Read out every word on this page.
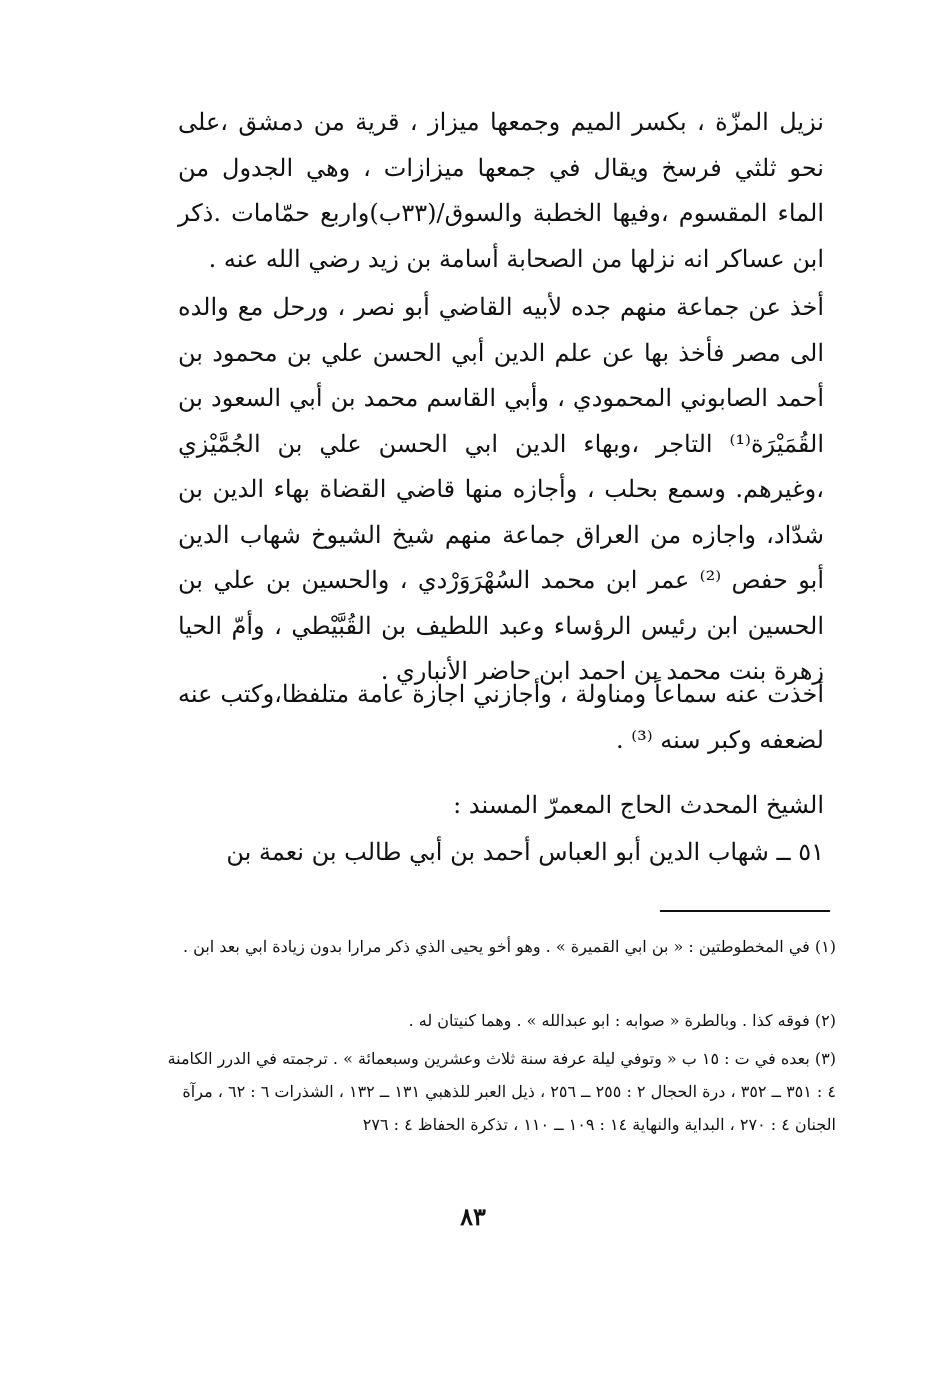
نزيل المزّة ، بكسر الميم وجمعها ميزاز ، قرية من دمشق ،على نحو ثلثي فرسخ ويقال في جمعها ميزازات ، وهي الجدول من الماء المقسوم ،وفيها الخطبة والسوق/(٣٣ب)واربع حمّامات .ذكر ابن عساكر انه نزلها من الصحابة أسامة بن زيد رضي الله عنه .

أخذ عن جماعة منهم جده لأبيه القاضي أبو نصر ، ورحل مع والده الى مصر فأخذ بها عن علم الدين أبي الحسن علي بن محمود بن أحمد الصابوني المحمودي ، وأبي القاسم محمد بن أبي السعود بن القُمَيْرَة⁽¹⁾ التاجر ،وبهاء الدين ابي الحسن علي بن الجُمَّيْزي ،وغيرهم. وسمع بحلب ، وأجازه منها قاضي القضاة بهاء الدين بن شدّاد، واجازه من العراق جماعة منهم شيخ الشيوخ شهاب الدين أبو حفص ⁽²⁾ عمر ابن محمد السُهْرَوَرْدي ، والحسين بن علي بن الحسين ابن رئيس الرؤساء وعبد اللطيف بن القُبَّيْطي ، وأمّ الحيا زهرة بنت محمد بن احمد ابن حاضر الأنباري .

أخذت عنه سماعاً ومناولة ، وأجازني اجازة عامة متلفظا،وكتب عنه لضعفه وكبر سنه ⁽³⁾ .

الشيخ المحدث الحاج المعمرّ المسند :

٥١ ــ شهاب الدين أبو العباس أحمد بن أبي طالب بن نعمة بن

(١) في المخطوطتين : « بن ابي القميرة » . وهو أخو يحيى الذي ذكر مرارا بدون زيادة ابي بعد ابن .

(٢) فوقه كذا . وبالطرة « صوابه : ابو عبدالله » . وهما كنيتان له .

(٣) بعده في ت : ١٥ ب « وتوفي ليلة عرفة سنة ثلاث وعشرين وسبعمائة » . ترجمته في الدرر الكامنة ٤ : ٣٥١ ــ ٣٥٢ ، درة الحجال ٢ : ٢٥٥ ــ ٢٥٦ ، ذيل العبر للذهبي ١٣١ ــ ١٣٢ ، الشذرات ٦ : ٦٢ ، مرآة الجنان ٤ : ٢٧٠ ، البداية والنهاية ١٤ : ١٠٩ ــ ١١٠ ، تذكرة الحفاظ ٤ : ٢٧٦

٨٣
